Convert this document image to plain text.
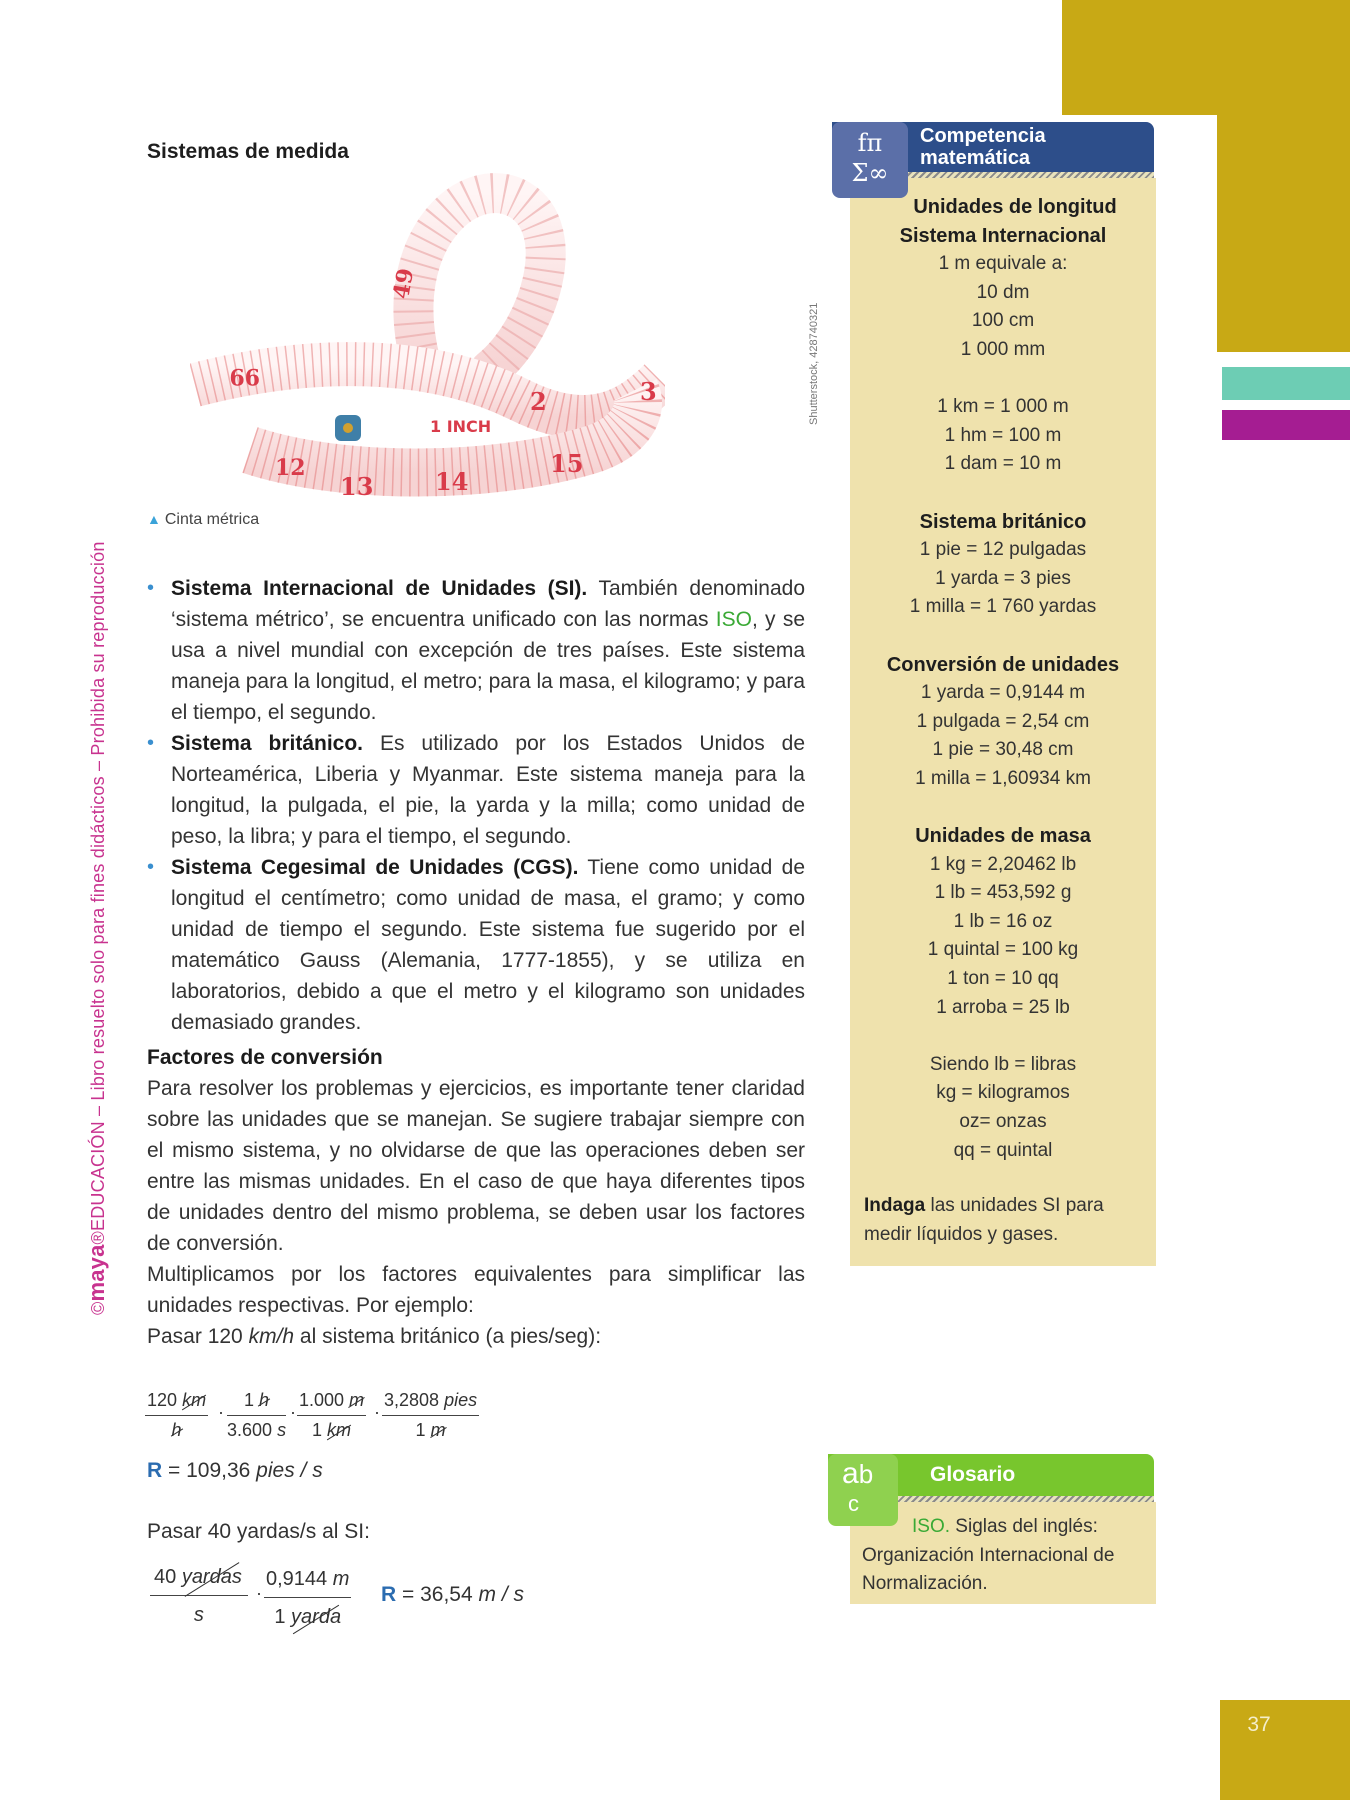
37
©maya®EDUCACIÓN – Libro resuelto solo para fines didácticos – Prohibida su reproducción
Sistemas de medida
49
99
13	14
15
2	3
12
1 INCH
Shutterstock, 428740321
▲ Cinta métrica
• Sistema Internacional de Unidades (SI). También denominado ‘sistema métrico’, se encuentra unificado con las normas ISO, y se usa a nivel mundial con excepción de tres países. Este sistema maneja para la longitud, el metro; para la masa, el kilogramo; y para el tiempo, el segundo.
• Sistema británico. Es utilizado por los Estados Unidos de Norteamérica, Liberia y Myanmar. Este sistema maneja para la longitud, la pulgada, el pie, la yarda y la milla; como unidad de peso, la libra; y para el tiempo, el segundo.
• Sistema Cegesimal de Unidades (CGS). Tiene como unidad de longitud el centímetro; como unidad de masa, el gramo; y como unidad de tiempo el segundo. Este sistema fue sugerido por el matemático Gauss (Alemania, 1777-1855), y se utiliza en laboratorios, debido a que el metro y el kilogramo son unidades demasiado grandes.

Factores de conversión

Para resolver los problemas y ejercicios, es importante tener claridad sobre las unidades que se manejan. Se sugiere trabajar siempre con el mismo sistema, y no olvidarse de que las operaciones deben ser entre las mismas unidades. En el caso de que haya diferentes tipos de unidades dentro del mismo problema, se deben usar los factores de conversión.

Multiplicamos por los factores equivalentes para simplificar las unidades respectivas. Por ejemplo:

Pasar 120 km/h al sistema británico (a pies/seg):

$\frac{120 km}{h} \cdot \frac{1 h}{3.600 s} \cdot \frac{1.000 m}{1 km}$ ·
3,2808 pies
1 m
R = 109,36 pies / s
Pasar 40 yardas/s al SI:
40 yardas
s
·
0,9144 m
1 yarda
R = 36,54 m / s
fπ
Σ∞
Competencia
matemática
Unidades de longitud
Sistema Internacional
1 m equivale a:
10 dm
100 cm
1 000 mm
1 km = 1 000 m
1 hm = 100 m
1 dam = 10 m
Sistema británico
1 pie = 12 pulgadas
1 yarda = 3 pies
1 milla = 1 760 yardas
Conversión de unidades
1 yarda = 0,9144 m
1 pulgada = 2,54 cm
1 pie = 30,48 cm
1 milla = 1,60934 km
Unidades de masa
1 kg = 2,20462 lb
1 lb = 453,592 g
1 lb = 16 oz
1 quintal = 100 kg
1 ton = 10 qq
1 arroba = 25 lb
Siendo lb = libras
kg = kilogramos
oz= onzas
qq = quintal
Indaga las unidades SI para medir líquidos y gases.
ab
c
Glosario
ISO. Siglas del inglés: Organización Internacional de Normalización.
